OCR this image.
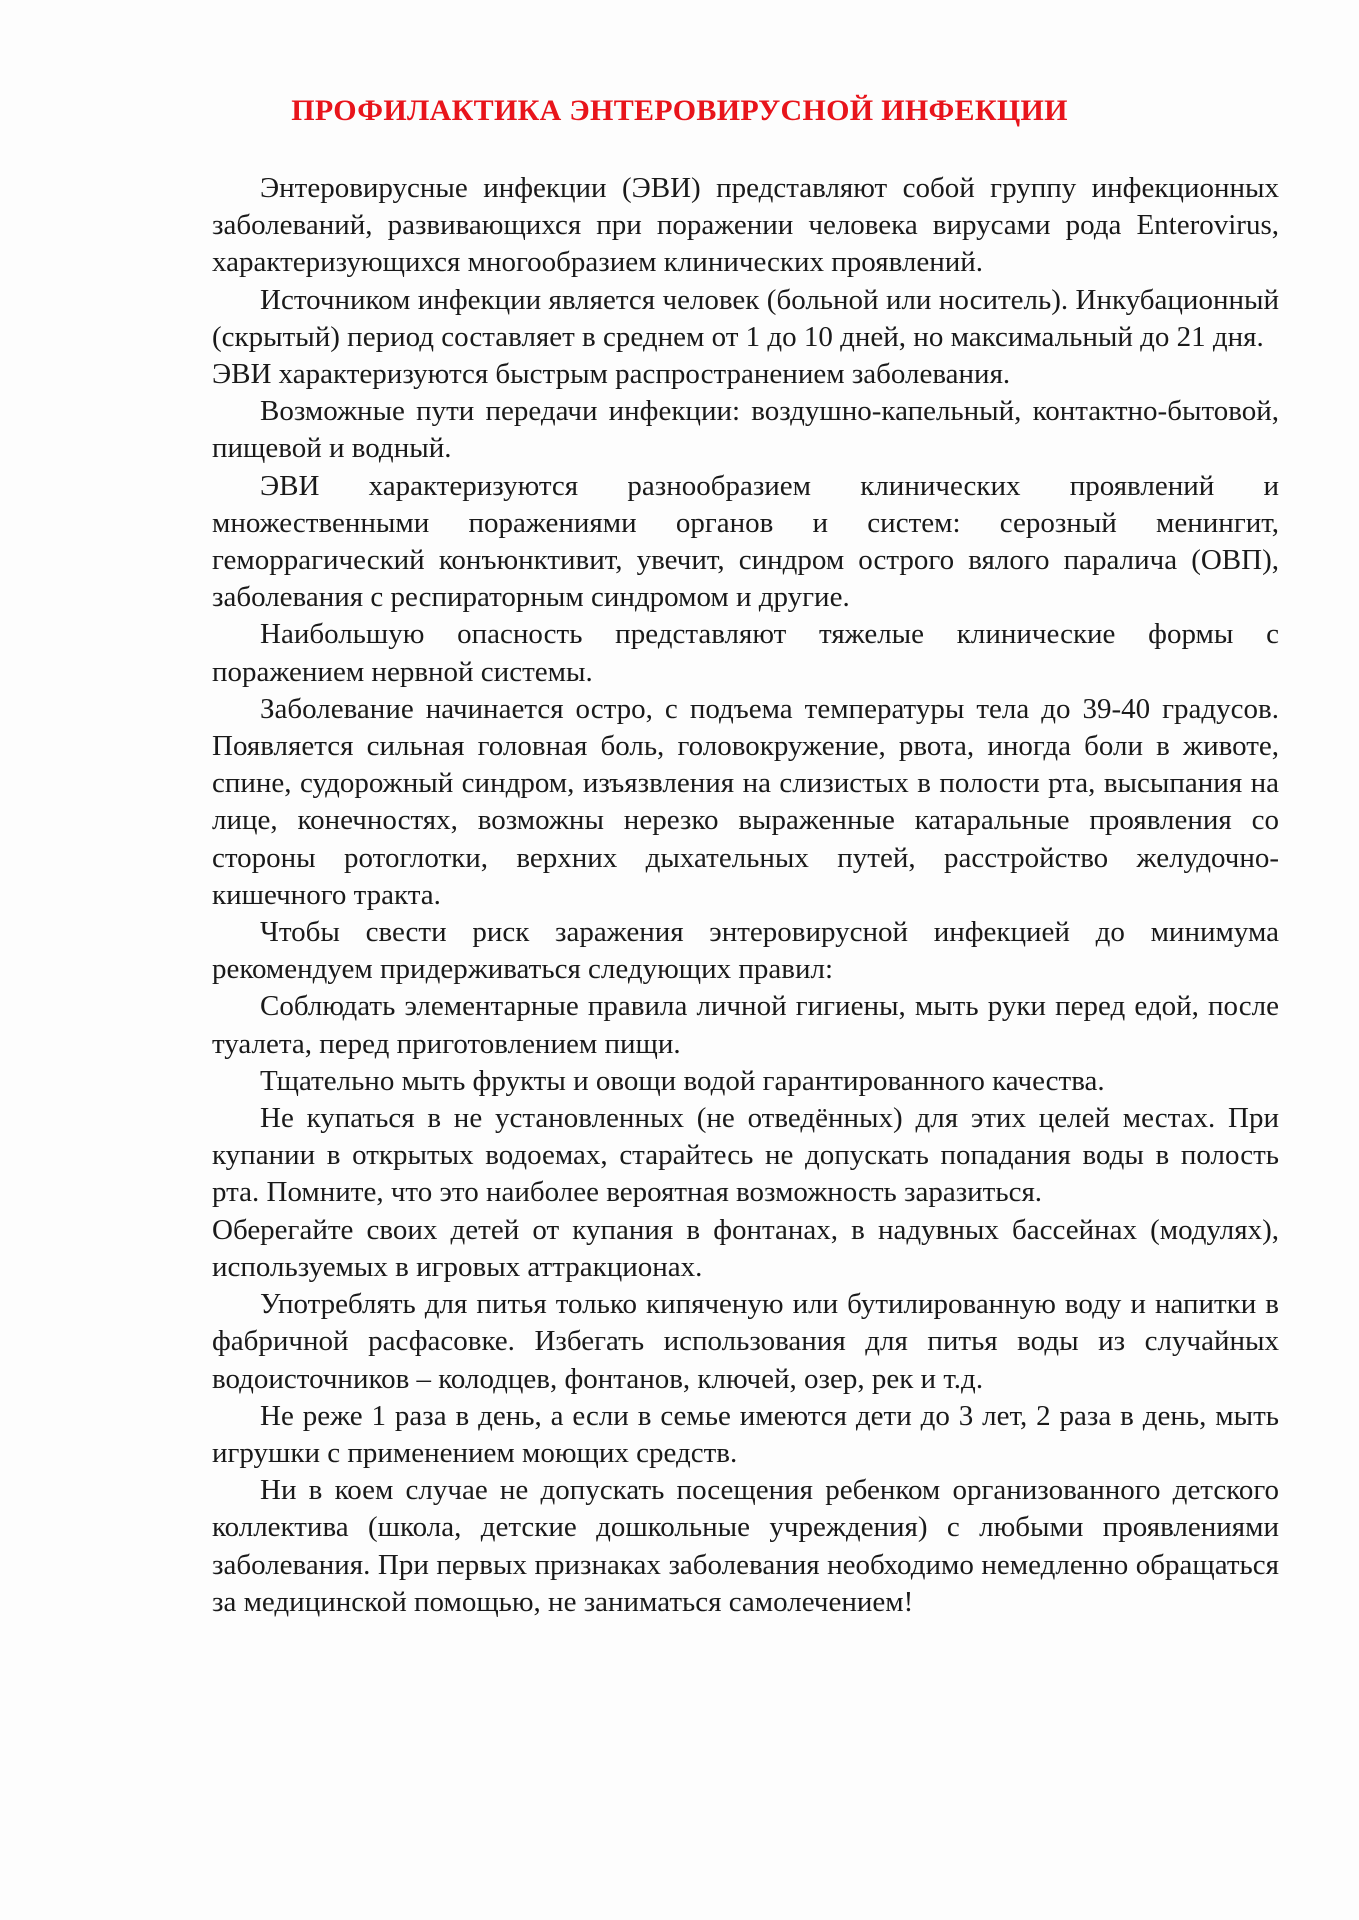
ПРОФИЛАКТИКА ЭНТЕРОВИРУСНОЙ ИНФЕКЦИИ

Энтеровирусные инфекции (ЭВИ) представляют собой группу инфекционных заболеваний, развивающихся при поражении человека вирусами рода Enterovirus, характеризующихся многообразием клинических проявлений.

Источником инфекции является человек (больной или носитель). Инкубационный (скрытый) период составляет в среднем от 1 до 10 дней, но максимальный до 21 дня.

ЭВИ характеризуются быстрым распространением заболевания.

Возможные пути передачи инфекции: воздушно-капельный, контактно-бытовой, пищевой и водный.

ЭВИ характеризуются разнообразием клинических проявлений и множественными поражениями органов и систем: серозный менингит, геморрагический конъюнктивит, увечит, синдром острого вялого паралича (ОВП), заболевания с респираторным синдромом и другие.

Наибольшую опасность представляют тяжелые клинические формы с поражением нервной системы.

Заболевание начинается остро, с подъема температуры тела до 39-40 градусов. Появляется сильная головная боль, головокружение, рвота, иногда боли в животе, спине, судорожный синдром, изъязвления на слизистых в полости рта, высыпания на лице, конечностях, возможны нерезко выраженные катаральные проявления со стороны ротоглотки, верхних дыхательных путей, расстройство желудочно-кишечного тракта.

Чтобы свести риск заражения энтеровирусной инфекцией до минимума рекомендуем придерживаться следующих правил:

Соблюдать элементарные правила личной гигиены, мыть руки перед едой, после туалета, перед приготовлением пищи.

Тщательно мыть фрукты и овощи водой гарантированного качества.

Не купаться в не установленных (не отведённых) для этих целей местах. При купании в открытых водоемах, старайтесь не допускать попадания воды в полость рта. Помните, что это наиболее вероятная возможность заразиться.

Оберегайте своих детей от купания в фонтанах, в надувных бассейнах (модулях), используемых в игровых аттракционах.

Употреблять для питья только кипяченую или бутилированную воду и напитки в фабричной расфасовке. Избегать использования для питья воды из случайных водоисточников – колодцев, фонтанов, ключей, озер, рек и т.д.

Не реже 1 раза в день, а если в семье имеются дети до 3 лет, 2 раза в день, мыть игрушки с применением моющих средств.

Ни в коем случае не допускать посещения ребенком организованного детского коллектива (школа, детские дошкольные учреждения) с любыми проявлениями заболевания. При первых признаках заболевания необходимо немедленно обращаться за медицинской помощью, не заниматься самолечением!
